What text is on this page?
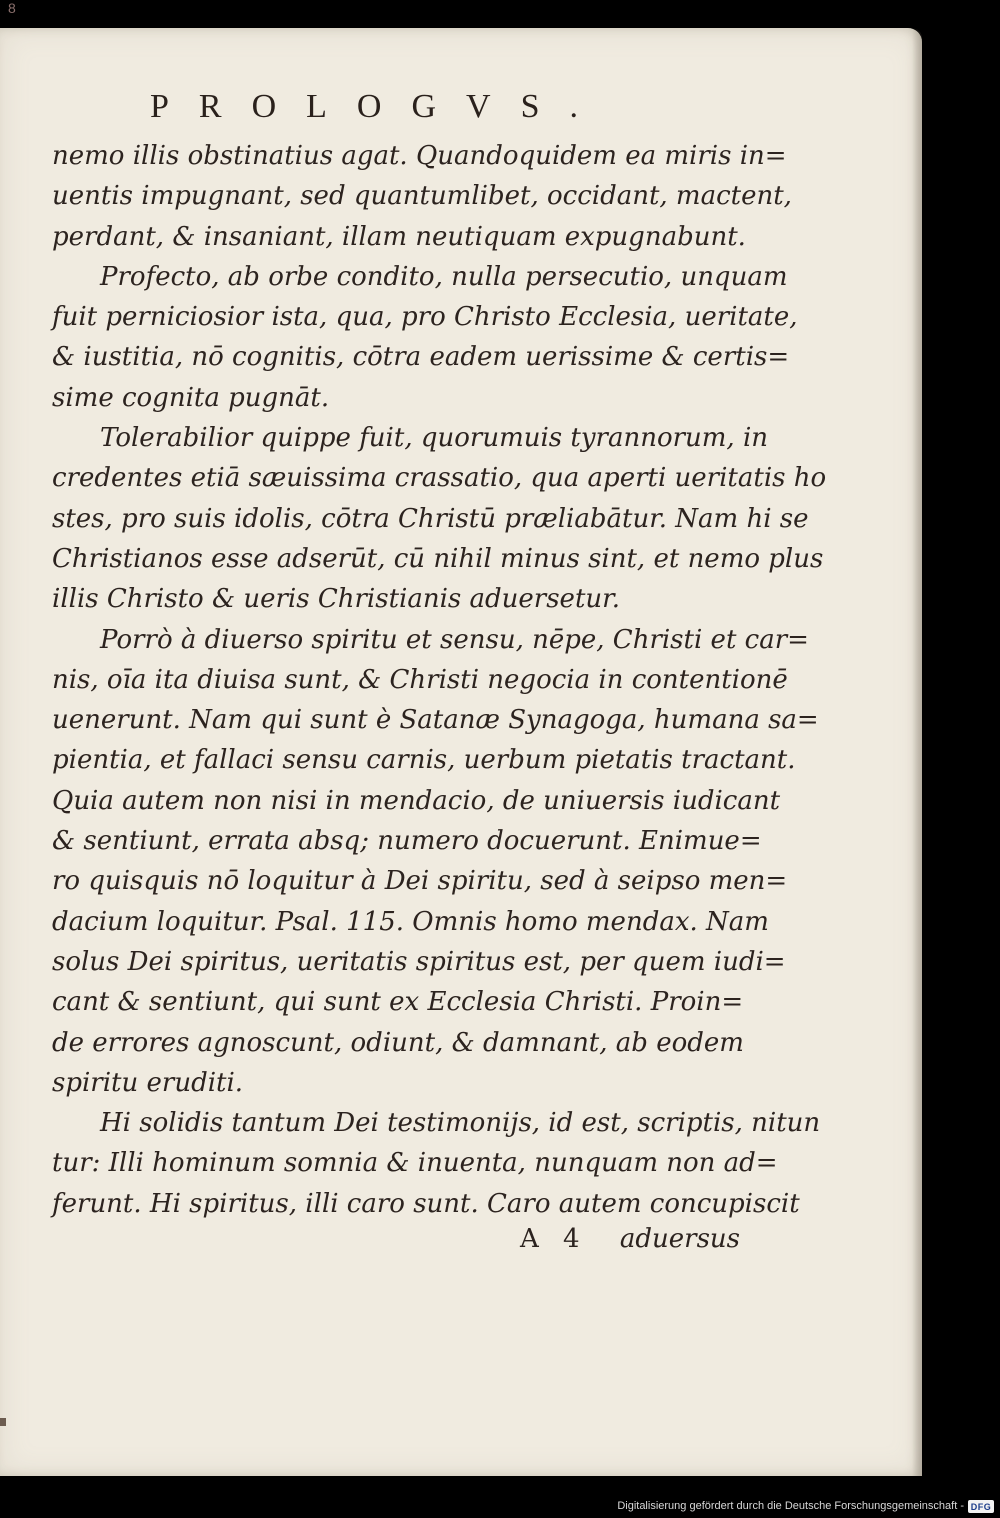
PROLOGVS.
nemo illis obstinatius agat. Quandoquidem ea miris in=
uentis impugnant, sed quantumlibet, occidant, mactent,
perdant, & insaniant, illam neutiquam expugnabunt.
Profecto, ab orbe condito, nulla persecutio, unquam
fuit perniciosior ista, qua, pro Christo Ecclesia, ueritate,
& iustitia, nō cognitis, cōtra eadem uerissime & certis=
sime cognita pugnāt.
Tolerabilior quippe fuit, quorumuis tyrannorum, in
credentes etiā sæuissima crassatio, qua aperti ueritatis ho
stes, pro suis idolis, cōtra Christū præliabātur. Nam hi se
Christianos esse adserūt, cū nihil minus sint, et nemo plus
illis Christo & ueris Christianis aduersetur.
Porrò à diuerso spiritu et sensu, nēpe, Christi et car=
nis, oīa ita diuisa sunt, & Christi negocia in contentionē
uenerunt. Nam qui sunt è Satanæ Synagoga, humana sa=
pientia, et fallaci sensu carnis, uerbum pietatis tractant.
Quia autem non nisi in mendacio, de uniuersis iudicant
& sentiunt, errata absq; numero docuerunt. Enimue=
ro quisquis nō loquitur à Dei spiritu, sed à seipso men=
dacium loquitur. Psal. 115. Omnis homo mendax. Nam
solus Dei spiritus, ueritatis spiritus est, per quem iudi=
cant & sentiunt, qui sunt ex Ecclesia Christi. Proin=
de errores agnoscunt, odiunt, & damnant, ab eodem
spiritu eruditi.
Hi solidis tantum Dei testimonijs, id est, scriptis, nitun
tur: Illi hominum somnia & inuenta, nunquam non ad=
ferunt. Hi spiritus, illi caro sunt. Caro autem concupiscit
A 4 aduersus
8
Digitalisierung gefördert durch die Deutsche Forschungsgemeinschaft - DFG
